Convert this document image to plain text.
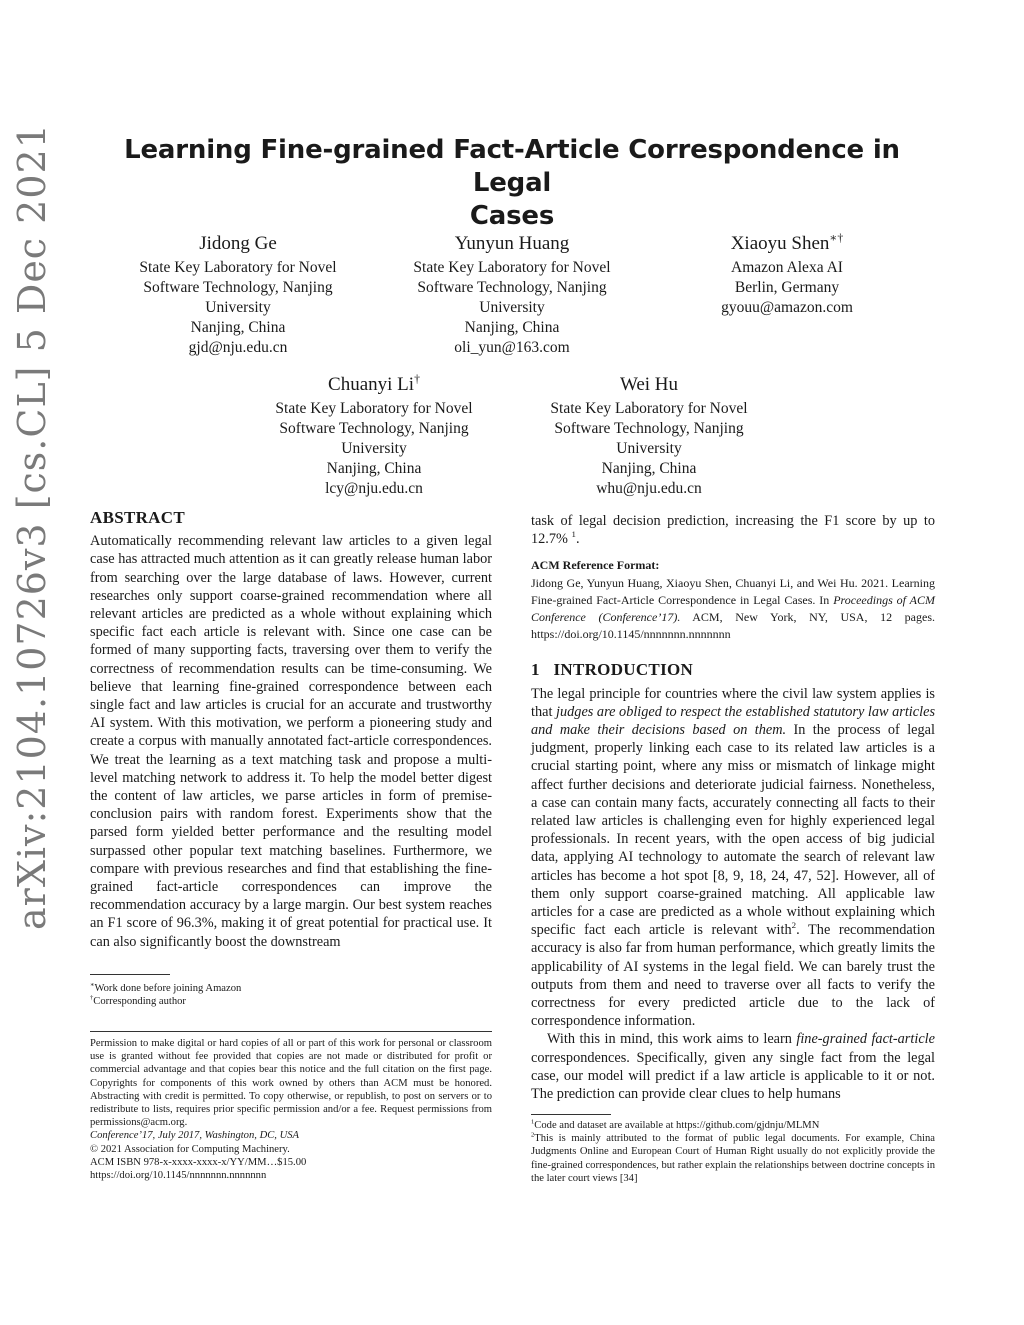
arXiv:2104.10726v3 [cs.CL] 5 Dec 2021	Learning Fine-grained Fact-Article Correspondence in Legal
Cases
Jidong Ge
State Key Laboratory for Novel
Software Technology, Nanjing
University
Nanjing, China
gjd@nju.edu.cn
Yunyun Huang
State Key Laboratory for Novel
Software Technology, Nanjing
University
Nanjing, China
oli_yun@163.com
Xiaoyu Shen∗†
Amazon Alexa AI
Berlin, Germany
gyouu@amazon.com
Chuanyi Li†
State Key Laboratory for Novel
Software Technology, Nanjing
University
Nanjing, China
lcy@nju.edu.cn
Wei Hu
State Key Laboratory for Novel
Software Technology, Nanjing
University
Nanjing, China
whu@nju.edu.cn
ABSTRACT

Automatically recommending relevant law articles to a given legal case has attracted much attention as it can greatly release human labor from searching over the large database of laws. However, current researches only support coarse-grained recommendation where all relevant articles are predicted as a whole without explaining which specific fact each article is relevant with. Since one case can be formed of many supporting facts, traversing over them to verify the correctness of recommendation results can be time-consuming. We believe that learning fine-grained correspondence between each single fact and law articles is crucial for an accurate and trustworthy AI system. With this motivation, we perform a pioneering study and create a corpus with manually annotated fact-article correspondences. We treat the learning as a text matching task and propose a multi-level matching network to address it. To help the model better digest the content of law articles, we parse articles in form of premise-conclusion pairs with random forest. Experiments show that the parsed form yielded better performance and the resulting model surpassed other popular text matching baselines. Furthermore, we compare with previous researches and find that establishing the fine-grained fact-article correspondences can improve the recommendation accuracy by a large margin. Our best system reaches an F1 score of 96.3%, making it of great potential for practical use. It can also significantly boost the downstream

∗Work done before joining Amazon
†Corresponding author
Permission to make digital or hard copies of all or part of this work for personal or classroom use is granted without fee provided that copies are not made or distributed for profit or commercial advantage and that copies bear this notice and the full citation on the first page. Copyrights for components of this work owned by others than ACM must be honored. Abstracting with credit is permitted. To copy otherwise, or republish, to post on servers or to redistribute to lists, requires prior specific permission and/or a fee. Request permissions from permissions@acm.org.
Conference’17, July 2017, Washington, DC, USA
© 2021 Association for Computing Machinery.
ACM ISBN 978-x-xxxx-xxxx-x/YY/MM…$15.00
https://doi.org/10.1145/nnnnnnn.nnnnnnn

task of legal decision prediction, increasing the F1 score by up to 12.7% $^1$.

ACM Reference Format:
Jidong Ge, Yunyun Huang, Xiaoyu Shen, Chuanyi Li, and Wei Hu. 2021. Learning Fine-grained Fact-Article Correspondence in Legal Cases. In Proceedings of ACM Conference (Conference’17). ACM, New York, NY, USA, 12 pages. https://doi.org/10.1145/nnnnnnn.nnnnnnn
1 INTRODUCTION

The legal principle for countries where the civil law system applies is that judges are obliged to respect the established statutory law articles and make their decisions based on them. In the process of legal judgment, properly linking each case to its related law articles is a crucial starting point, where any miss or mismatch of linkage might affect further decisions and deteriorate judicial fairness. Nonetheless, a case can contain many facts, accurately connecting all facts to their related law articles is challenging even for highly experienced legal professionals. In recent years, with the open access of big judicial data, applying AI technology to automate the search of relevant law articles has become a hot spot [8, 9, 18, 24, 47, 52]. However, all of them only support coarse-grained matching. All applicable law articles for a case are predicted as a whole without explaining which specific fact each article is relevant with$^2$. The recommendation accuracy is also far from human performance, which greatly limits the applicability of AI systems in the legal field. We can barely trust the outputs from them and need to traverse over all facts to verify the correctness for every predicted article due to the lack of correspondence information.

With this in mind, this work aims to learn fine-grained fact-article correspondences. Specifically, given any single fact from the legal case, our model will predict if a law article is applicable to it or not. The prediction can provide clear clues to help humans

$^1$Code and dataset are available at https://github.com/gjdnju/MLMN
$^2$This is mainly attributed to the format of public legal documents. For example, China Judgments Online and European Court of Human Right usually do not explicitly provide the fine-grained correspondences, but rather explain the relationships between doctrine concepts in the later court views [34]
